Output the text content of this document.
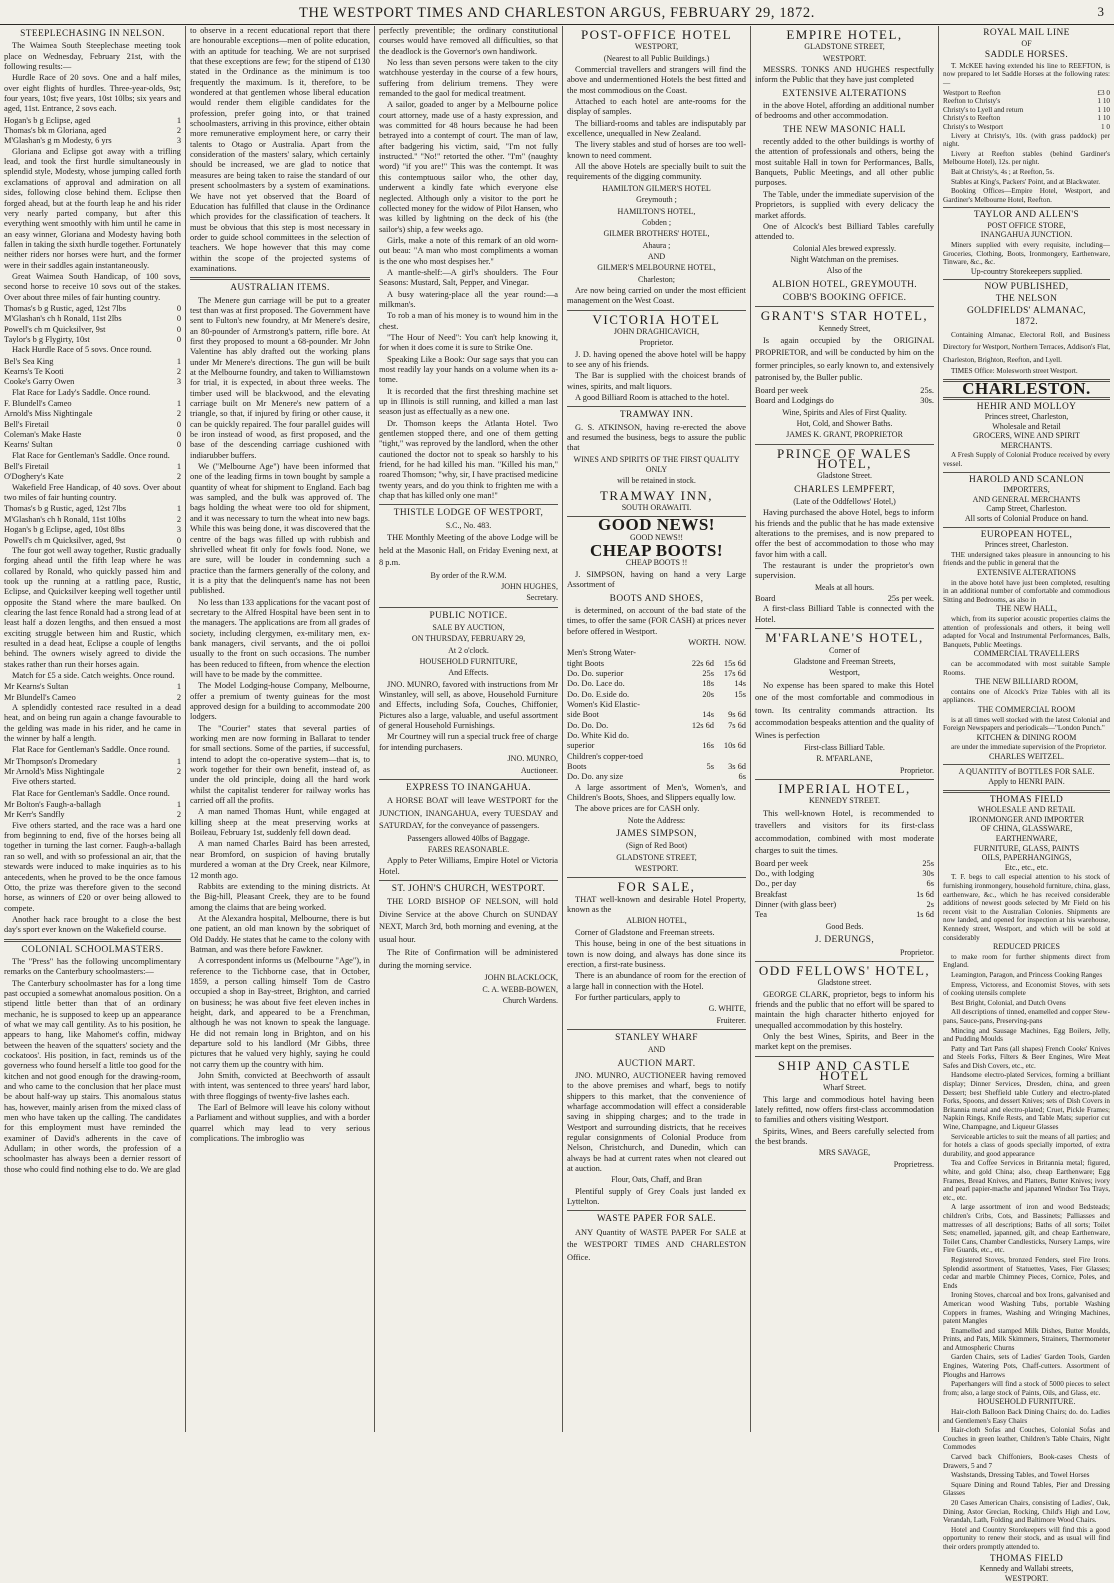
THE WESTPORT TIMES AND CHARLESTON ARGUS, FEBRUARY 29, 1872.	3
STEEPLECHASING IN NELSON.

The Waimea South Steeplechase meeting took place on Wednesday, February 21st, with the following results:—

Hurdle Race of 20 sovs. One and a half miles, over eight flights of hurdles. Three-year-olds, 9st; four years, 10st; five years, 10st 10lbs; six years and aged, 11st. Entrance, 2 sovs each.

Hogan's b g Eclipse, aged	1
Thomas's bk m Gloriana, aged	2
M'Glashan's g m Modesty, 6 yrs	3

Gloriana and Eclipse got away with a trifling lead, and took the first hurdle simultaneously in splendid style, Modesty, whose jumping called forth exclamations of approval and admiration on all sides, following close behind them. Eclipse then forged ahead, but at the fourth leap he and his rider very nearly parted company, but after this everything went smoothly with him until he came in an easy winner, Gloriana and Modesty having both fallen in taking the sixth hurdle together. Fortunately neither riders nor horses were hurt, and the former were in their saddles again instantaneously.

Great Waimea South Handicap, of 100 sovs, second horse to receive 10 sovs out of the stakes. Over about three miles of fair hunting country.

Thomas's b g Rustic, aged, 12st 7lbs	0
M'Glashan's ch h Ronald, 11st 2lbs	0
Powell's ch m Quicksilver, 9st	0
Taylor's b g Flygirty, 10st	0

Hack Hurdle Race of 5 sovs. Once round.

Bel's Sea King	1
Kearns's Te Kooti	2
Cooke's Garry Owen	3

Flat Race for Lady's Saddle. Once round.

F. Blundell's Cameo	1
Arnold's Miss Nightingale	2
Bell's Firetail	0
Coleman's Make Haste	0
Kearns' Sultan	0

Flat Race for Gentleman's Saddle. Once round.

Bell's Firetail	1
O'Doghery's Kate	2

Wakefield Free Handicap, of 40 sovs. Over about two miles of fair hunting country.

Thomas's b g Rustic, aged, 12st 7lbs	1
M'Glashan's ch h Ronald, 11st 10lbs	2
Hogan's b g Eclipse, aged, 10st 8lbs	3
Powell's ch m Quicksilver, aged, 9st	0

The four got well away together, Rustic gradually forging ahead until the fifth leap where he was collared by Ronald, who quickly passed him and took up the running at a rattling pace, Rustic, Eclipse, and Quicksilver keeping well together until opposite the Stand where the mare baulked. On clearing the last fence Ronald had a strong lead of at least half a dozen lengths, and then ensued a most exciting struggle between him and Rustic, which resulted in a dead heat, Eclipse a couple of lengths behind. The owners wisely agreed to divide the stakes rather than run their horses again.

Match for £5 a side. Catch weights. Once round.

Mr Kearns's Sultan	1
Mr Blundell's Cameo	2

A splendidly contested race resulted in a dead heat, and on being run again a change favourable to the gelding was made in his rider, and he came in the winner by half a length.

Flat Race for Gentleman's Saddle. Once round.

Mr Thompson's Dromedary	1
Mr Arnold's Miss Nightingale	2

Five others started.

Flat Race for Gentleman's Saddle. Once round.

Mr Bolton's Faugh-a-ballagh	1
Mr Kerr's Sandfly	2

Five others started, and the race was a hard one from beginning to end, five of the horses being all together in turning the last corner. Faugh-a-ballagh ran so well, and with so professional an air, that the stewards were induced to make inquiries as to his antecedents, when he proved to be the once famous Otto, the prize was therefore given to the second horse, as winners of £20 or over being allowed to compete.

Another hack race brought to a close the best day's sport ever known on the Wakefield course.

COLONIAL SCHOOLMASTERS.

The "Press" has the following uncomplimentary remarks on the Canterbury schoolmasters:—

The Canterbury schoolmaster has for a long time past occupied a somewhat anomalous position. On a stipend little better than that of an ordinary mechanic, he is supposed to keep up an appearance of what we may call gentility. As to his position, he appears to hang, like Mahomet's coffin, midway between the heaven of the squatters' society and the cockatoos'. His position, in fact, reminds us of the governess who found herself a little too good for the kitchen and not good enough for the drawing-room, and who came to the conclusion that her place must be about half-way up stairs. This anomalous status has, however, mainly arisen from the mixed class of men who have taken up the calling. The candidates for this employment must have reminded the examiner of David's adherents in the cave of Adullam; in other words, the profession of a schoolmaster has always been a dernier ressort of those who could find nothing else to do. We are glad

to observe in a recent educational report that there are honourable exceptions—men of polite education, with an aptitude for teaching. We are not surprised that these exceptions are few; for the stipend of £130 stated in the Ordinance as the minimum is too frequently the maximum. Is it, therefore, to be wondered at that gentlemen whose liberal education would render them eligible candidates for the profession, prefer going into, or that trained schoolmasters, arriving in this province, either obtain more remunerative employment here, or carry their talents to Otago or Australia. Apart from the consideration of the masters' salary, which certainly should be increased, we are glad to notice that measures are being taken to raise the standard of our present schoolmasters by a system of examinations. We have not yet observed that the Board of Education has fulfilled that clause in the Ordinance which provides for the classification of teachers. It must be obvious that this step is most necessary in order to guide school committees in the selection of teachers. We hope however that this may come within the scope of the projected systems of examinations.

AUSTRALIAN ITEMS.

The Menere gun carriage will be put to a greater test than was at first proposed. The Government have sent to Fulton's new foundry, at Mr Menere's desire, an 80-pounder of Armstrong's pattern, rifle bore. At first they proposed to mount a 68-pounder. Mr John Valentine has ably drafted out the working plans under Mr Menere's directions. The gun will be built at the Melbourne foundry, and taken to Williamstown for trial, it is expected, in about three weeks. The timber used will be blackwood, and the elevating carriage built on Mr Menere's new pattern of a triangle, so that, if injured by firing or other cause, it can be quickly repaired. The four parallel guides will be iron instead of wood, as first proposed, and the base of the descending carriage cushioned with indiarubber buffers.

We ("Melbourne Age") have been informed that one of the leading firms in town bought by sample a quantity of wheat for shipment to England. Each bag was sampled, and the bulk was approved of. The bags holding the wheat were too old for shipment, and it was necessary to turn the wheat into new bags. While this was being done, it was discovered that the centre of the bags was filled up with rubbish and shrivelled wheat fit only for fowls food. None, we are sure, will be louder in condemning such a practice than the farmers generally of the colony, and it is a pity that the delinquent's name has not been published.

No less than 133 applications for the vacant post of secretary to the Alfred Hospital have been sent in to the managers. The applications are from all grades of society, including clergymen, ex-military men, ex-bank managers, civil servants, and the oi polloi usually to the front on such occasions. The number has been reduced to fifteen, from whence the election will have to be made by the committee.

The Model Lodging-house Company, Melbourne, offer a premium of twenty guineas for the most approved design for a building to accommodate 200 lodgers.

The "Courier" states that several parties of working men are now forming in Ballarat to tender for small sections. Some of the parties, if successful, intend to adopt the co-operative system—that is, to work together for their own benefit, instead of, as under the old principle, doing all the hard work whilst the capitalist tenderer for railway works has carried off all the profits.

A man named Thomas Hunt, while engaged at killing sheep at the meat preserving works at Boileau, February 1st, suddenly fell down dead.

A man named Charles Baird has been arrested, near Bromford, on suspicion of having brutally murdered a woman at the Dry Creek, near Kilmore, 12 month ago.

Rabbits are extending to the mining districts. At the Big-hill, Pleasant Creek, they are to be found among the claims that are being worked.

At the Alexandra hospital, Melbourne, there is but one patient, an old man known by the sobriquet of Old Daddy. He states that he came to the colony with Batman, and was there before Fawkner.

A correspondent informs us (Melbourne "Age"), in reference to the Tichborne case, that in October, 1859, a person calling himself Tom de Castro occupied a shop in Bay-street, Brighton, and carried on business; he was about five feet eleven inches in height, dark, and appeared to be a Frenchman, although he was not known to speak the language. He did not remain long in Brighton, and on his departure sold to his landlord (Mr Gibbs, three pictures that he valued very highly, saying he could not carry them up the country with him.

John Smith, convicted at Beechworth of assault with intent, was sentenced to three years' hard labor, with three floggings of twenty-five lashes each.

The Earl of Belmore will leave his colony without a Parliament and without supplies, and with a border quarrel which may lead to very serious complications. The imbroglio was

perfectly preventible; the ordinary constitutional courses would have removed all difficulties, so that the deadlock is the Governor's own handiwork.

No less than seven persons were taken to the city watchhouse yesterday in the course of a few hours, suffering from delirium tremens. They were remanded to the gaol for medical treatment.

A sailor, goaded to anger by a Melbourne police court attorney, made use of a hasty expression, and was committed for 48 hours because he had been betrayed into a contempt of court. The man of law, after badgering his victim, said, "I'm not fully instructed." "No!" retorted the other. "I'm" (naughty word) "if you are!" This was the contempt. It was this contemptuous sailor who, the other day, underwent a kindly fate which everyone else neglected. Although only a visitor to the port he collected money for the widow of Pilot Hansen, who was killed by lightning on the deck of his (the sailor's) ship, a few weeks ago.

Girls, make a note of this remark of an old worn-out beau: "A man who most compliments a woman is the one who most despises her."

A mantle-shelf:—A girl's shoulders. The Four Seasons: Mustard, Salt, Pepper, and Vinegar.

A busy watering-place all the year round:—a milkman's.

To rob a man of his money is to wound him in the chest.

"The Hour of Need": You can't help knowing it, for when it does come it is sure to Strike One.

Speaking Like a Book: Our sage says that you can most readily lay your hands on a volume when its a-tome.

It is recorded that the first threshing machine set up in Illinois is still running, and killed a man last season just as effectually as a new one.

Dr. Thomson keeps the Atlanta Hotel. Two gentlemen stopped there, and one of them getting "tight," was reproved by the landlord, when the other cautioned the doctor not to speak so harshly to his friend, for he had killed his man. "Killed his man," roared Thomson; "why, sir, I have practised medicine twenty years, and do you think to frighten me with a chap that has killed only one man!"

THISTLE LODGE OF WESTPORT,
S.C., No. 483.

THE Monthly Meeting of the above Lodge will be held at the Masonic Hall, on Friday Evening next, at 8 p.m.

By order of the R.W.M.
JOHN HUGHES,
Secretary.
PUBLIC NOTICE.
SALE BY AUCTION,
ON THURSDAY, FEBRUARY 29,
At 2 o'clock.
HOUSEHOLD FURNITURE,
And Effects.

JNO. MUNRO, favored with instructions from Mr Winstanley, will sell, as above, Household Furniture and Effects, including Sofa, Couches, Chiffonier, Pictures also a large, valuable, and useful assortment of general Household Furnishings.

Mr Courtney will run a special truck free of charge for intending purchasers.

JNO. MUNRO,
Auctioneer.
EXPRESS TO INANGAHUA.

A HORSE BOAT will leave WESTPORT for the JUNCTION, INANGAHUA, every TUESDAY and SATURDAY, for the conveyance of passengers.

Passengers allowed 40lbs of Baggage.
FARES REASONABLE.

Apply to Peter Williams, Empire Hotel or Victoria Hotel.

ST. JOHN'S CHURCH, WESTPORT.

THE LORD BISHOP OF NELSON, will hold Divine Service at the above Church on SUNDAY NEXT, March 3rd, both morning and evening, at the usual hour.

The Rite of Confirmation will be administered during the morning service.

JOHN BLACKLOCK,
C. A. WEBB-BOWEN,
Church Wardens.
POST-OFFICE HOTEL
WESTPORT,
(Nearest to all Public Buildings.)

Commercial travellers and strangers will find the above and undermentioned Hotels the best fitted and the most commodious on the Coast.

Attached to each hotel are ante-rooms for the display of samples.

The billiard-rooms and tables are indisputably par excellence, unequalled in New Zealand.

The livery stables and stud of horses are too well-known to need comment.

All the above Hotels are specially built to suit the requirements of the digging community.

HAMILTON GILMER'S HOTEL
Greymouth ;
HAMILTON'S HOTEL,
Cobden ;
GILMER BROTHERS' HOTEL,
Ahaura ;
AND
GILMER'S MELBOURNE HOTEL,
Charleston;

Are now being carried on under the most efficient management on the West Coast.

VICTORIA HOTEL
JOHN DRAGHICAVICH,
Proprietor.

J. D. having opened the above hotel will be happy to see any of his friends.

The Bar is supplied with the choicest brands of wines, spirits, and malt liquors.

A good Billiard Room is attached to the hotel.

TRAMWAY INN.

G. S. ATKINSON, having re-erected the above and resumed the business, begs to assure the public that

WINES AND SPIRITS OF THE FIRST QUALITY ONLY
will be retained in stock.
TRAMWAY INN,
SOUTH ORAWAITI.
GOOD NEWS!
GOOD NEWS!!
CHEAP BOOTS!
CHEAP BOOTS !!

J. SIMPSON, having on hand a very Large Assortment of

BOOTS AND SHOES,

is determined, on account of the bad state of the times, to offer the same (FOR CASH) at prices never before offered in Westport.

WORTH. NOW.
Men's Strong Water-
tight Boots	22s 6d 15s 6d
Do. Do. superior	25s 17s 6d
Do. Do. Lace do.	18s 14s
Do. Do. E.side do.	20s 15s
Women's Kid Elastic-
side Boot	14s 9s 6d
Do. Do. Do.	12s 6d 7s 6d
Do. White Kid do.
superior	16s 10s 6d
Children's copper-toed
Boots	5s 3s 6d
Do. Do. any size	6s

A large assortment of Men's, Women's, and Children's Boots, Shoes, and Slippers equally low.

The above prices are for CASH only.

Note the Address:
JAMES SIMPSON,
(Sign of Red Boot)
GLADSTONE STREET,
WESTPORT.
FOR SALE,

THAT well-known and desirable Hotel Property, known as the

ALBION HOTEL,

Corner of Gladstone and Freeman streets.

This house, being in one of the best situations in town is now doing, and always has done since its erection, a first-rate business.

There is an abundance of room for the erection of a large hall in connection with the Hotel.

For further particulars, apply to

G. WHITE,
Fruiterer.
STANLEY WHARF
AND
AUCTION MART.

JNO. MUNRO, AUCTIONEER having removed to the above premises and wharf, begs to notify shippers to this market, that the convenience of wharfage accommodation will effect a considerable saving in shipping charges; and to the trade in Westport and surrounding districts, that he receives regular consignments of Colonial Produce from Nelson, Christchurch, and Dunedin, which can always be had at current rates when not cleared out at auction.

Flour, Oats, Chaff, and Bran

Plentiful supply of Grey Coals just landed ex Lyttelton.

WASTE PAPER FOR SALE.

ANY Quantity of WASTE PAPER For SALE at the WESTPORT TIMES AND CHARLESTON Office.

EMPIRE HOTEL,
GLADSTONE STREET,
WESTPORT.

MESSRS. TONKS AND HUGHES respectfully inform the Public that they have just completed

EXTENSIVE ALTERATIONS

in the above Hotel, affording an additional number of bedrooms and other accommodation.

THE NEW MASONIC HALL

recently added to the other buildings is worthy of the attention of professionals and others, being the most suitable Hall in town for Performances, Balls, Banquets, Public Meetings, and all other public purposes.

The Table, under the immediate supervision of the Proprietors, is supplied with every delicacy the market affords.

One of Alcock's best Billiard Tables carefully attended to.

Colonial Ales brewed expressly.
Night Watchman on the premises.
Also of the
ALBION HOTEL, GREYMOUTH.
COBB'S BOOKING OFFICE.
GRANT'S STAR HOTEL,
Kennedy Street,

Is again occupied by the ORIGINAL PROPRIETOR, and will be conducted by him on the former principles, so early known to, and extensively patronised by, the Buller public.

Board per week	25s.
Board and Lodgings do	30s.
Wine, Spirits and Ales of First Quality.
Hot, Cold, and Shower Baths.
JAMES K. GRANT, PROPRIETOR
PRINCE OF WALES HOTEL,
Gladstone Street.
CHARLES LEMPFERT,
(Late of the Oddfellows' Hotel,)

Having purchased the above Hotel, begs to inform his friends and the public that he has made extensive alterations to the premises, and is now prepared to offer the best of accommodation to those who may favor him with a call.

The restaurant is under the proprietor's own supervision.

Meals at all hours.
Board	25s per week.

A first-class Billiard Table is connected with the Hotel.

M'FARLANE'S HOTEL,
Corner of
Gladstone and Freeman Streets,
Westport,

No expense has been spared to make this Hotel one of the most comfortable and commodious in town. Its centrality commands attraction. Its accommodation bespeaks attention and the quality of Wines is perfection

First-class Billiard Table.
R. M'FARLANE,
Proprietor.
IMPERIAL HOTEL,
KENNEDY STREET.

This well-known Hotel, is recommended to travellers and visitors for its first-class accommodation, combined with most moderate charges to suit the times.

Board per week	25s
Do., with lodging	30s
Do., per day	6s
Breakfast	1s 6d
Dinner (with glass beer)	2s
Tea	1s 6d
Good Beds.
J. DERUNGS,
Proprietor.
ODD FELLOWS' HOTEL,
Gladstone street.

GEORGE CLARK, proprietor, begs to inform his friends and the public that no effort will be spared to maintain the high character hitherto enjoyed for unequalled accommodation by this hostelry.

Only the best Wines, Spirits, and Beer in the market kept on the premises.

SHIP AND CASTLE HOTEL
Wharf Street.

This large and commodious hotel having been lately refitted, now offers first-class accommodation to families and others visiting Westport.

Spirits, Wines, and Beers carefully selected from the best brands.

MRS SAVAGE,
Proprietress.
ROYAL MAIL LINE
OF
SADDLE HORSES.

T. McKEE having extended his line to REEFTON, is now prepared to let Saddle Horses at the following rates:—

Westport to Reefton	£3 0
Reefton to Christy's	1 10
Christy's to Lyell and return	1 10
Christy's to Reefton	1 10
Christy's to Westport	1 0

Livery at Christy's, 10s. (with grass paddock) per night.

Livery at Reefton stables (behind Gardiner's Melbourne Hotel), 12s. per night.

Bait at Christy's, 4s ; at Reefton, 5s.

Stables at King's, Packers' Point, and at Blackwater.

Booking Offices—Empire Hotel, Westport, and Gardiner's Melbourne Hotel, Reefton.

TAYLOR AND ALLEN'S
POST OFFICE STORE,
INANGAHUA JUNCTION.

Miners supplied with every requisite, including—Groceries, Clothing, Boots, Ironmongery, Earthenware, Tinware, &c., &c.

Up-country Storekeepers supplied.
NOW PUBLISHED,
THE NELSON
GOLDFIELDS' ALMANAC,
1872.

Containing Almanac, Electoral Roll, and Business Directory for Westport, Northern Terraces, Addison's Flat, Charleston, Brighton, Reefton, and Lyell.

TIMES Office: Molesworth street Westport.

CHARLESTON.
HEHIR AND MOLLOY
Princes street, Charleston,
Wholesale and Retail
GROCERS, WINE AND SPIRIT
MERCHANTS.

A Fresh Supply of Colonial Produce received by every vessel.

HAROLD AND SCANLON
IMPORTERS,
AND GENERAL MERCHANTS
Camp Street, Charleston.
All sorts of Colonial Produce on hand.
EUROPEAN HOTEL,
Princes street, Charleston.

THE undersigned takes pleasure in announcing to his friends and the public in general that the

EXTENSIVE ALTERATIONS

in the above hotel have just been completed, resulting in an additional number of comfortable and commodious Sitting and Bedrooms, as also in

THE NEW HALL,

which, from its superior acoustic properties claims the attention of professionals and others, it being well adapted for Vocal and Instrumental Performances, Balls, Banquets, Public Meetings.

COMMERCIAL TRAVELLERS

can be accommodated with most suitable Sample Rooms.

THE NEW BILLIARD ROOM,

contains one of Alcock's Prize Tables with all its appliances.

THE COMMERCIAL ROOM

is at all times well stocked with the latest Colonial and Foreign Newspapers and periodicals—"London Punch."

KITCHEN & DINING ROOM

are under the immediate supervision of the Proprietor.

CHARLES WEITZEL.
A QUANTITY of BOTTLES FOR SALE.
Apply to HENRI PAIN.
THOMAS FIELD
WHOLESALE AND RETAIL
IRONMONGER AND IMPORTER
OF CHINA, GLASSWARE,
EARTHENWARE,
FURNITURE, GLASS, PAINTS
OILS, PAPERHANGINGS,
Etc., etc., etc.

T. F. begs to call especial attention to his stock of furnishing ironmongery, household furniture, china, glass, earthenware, &c., which he has received considerable additions of newest goods selected by Mr Field on his recent visit to the Australian Colonies. Shipments are now landed, and opened for inspection at his warehouse, Kennedy street, Westport, and which will be sold at considerably

REDUCED PRICES

to make room for further shipments direct from England.

Leamington, Paragon, and Princess Cooking Ranges

Empress, Victoress, and Economist Stoves, with sets of cooking utensils complete

Best Bright, Colonial, and Dutch Ovens

All descriptions of tinned, enamelled and copper Stew-pans, Sauce-pans, Preserving-pans

Mincing and Sausage Machines, Egg Boilers, Jelly, and Pudding Moulds

Patty and Tart Pans (all shapes) French Cooks' Knives and Steels Forks, Filters & Beer Engines, Wire Meat Safes and Dish Covers, etc., etc.

Handsome electro-plated Services, forming a brilliant display; Dinner Services, Dresden, china, and green Dessert; best Sheffield table Cutlery and electro-plated Forks, Spoons, and dessert Knives; sets of Dish Covers in Britannia metal and electro-plated; Cruet, Pickle Frames; Napkin Rings, Knife Rests, and Table Mats; superior cut Wine, Champagne, and Liqueur Glasses

Serviceable articles to suit the means of all parties; and for hotels a class of goods specially imported, of extra durability, and good appearance

Tea and Coffee Services in Britannia metal; figured, white, and gold China; also, cheap Earthenware; Egg Frames, Bread Knives, and Platters, Butter Knives; ivory and pearl papier-mache and japanned Windsor Tea Trays, etc., etc.

A large assortment of iron and wood Bedsteads; children's Cribs, Cots, and Bassinets; Palliasses and mattresses of all descriptions; Baths of all sorts; Toilet Sets; enamelled, japanned, gilt, and cheap Earthenware, Toilet Cans, Chamber Candlesticks, Nursery Lamps, wire Fire Guards, etc., etc.

Registered Stoves, bronzed Fenders, steel Fire Irons. Splendid assortment of Statuettes, Vases, Fier Glasses; cedar and marble Chimney Pieces, Cornice, Poles, and Ends

Ironing Stoves, charcoal and box Irons, galvanised and American wood Washing Tubs, portable Washing Coppers in frames, Washing and Wringing Machines, patent Mangles

Enamelled and stamped Milk Dishes, Butter Moulds, Prints, and Pats, Milk Skimmers, Strainers, Thermometer and Atmospheric Churns

Garden Chairs, sets of Ladies' Garden Tools, Garden Engines, Watering Pots, Chaff-cutters. Assortment of Ploughs and Harrows

Paperhangers will find a stock of 5000 pieces to select from; also, a large stock of Paints, Oils, and Glass, etc.

HOUSEHOLD FURNITURE.

Hair-cloth Balloon Back Dining Chairs; do. do. Ladies and Gentlemen's Easy Chairs

Hair-cloth Sofas and Couches, Colonial Sofas and Couches in green leather, Children's Table Chairs, Night Commodes

Carved back Chiffoniers, Book-cases Chests of Drawers, 5 and 7

Washstands, Dressing Tables, and Towel Horses

Square Dining and Round Tables, Pier and Dressing Glasses

20 Cases American Chairs, consisting of Ladies', Oak, Dining, Astor Grecian, Rocking, Child's High and Low, Verandah, Lath, Folding and Baltimore Wood Chairs.

Hotel and Country Storekeepers will find this a good opportunity to renew their stock, and as usual will find their orders promptly attended to.

THOMAS FIELD
Kennedy and Wallabi streets,
WESTPORT.
